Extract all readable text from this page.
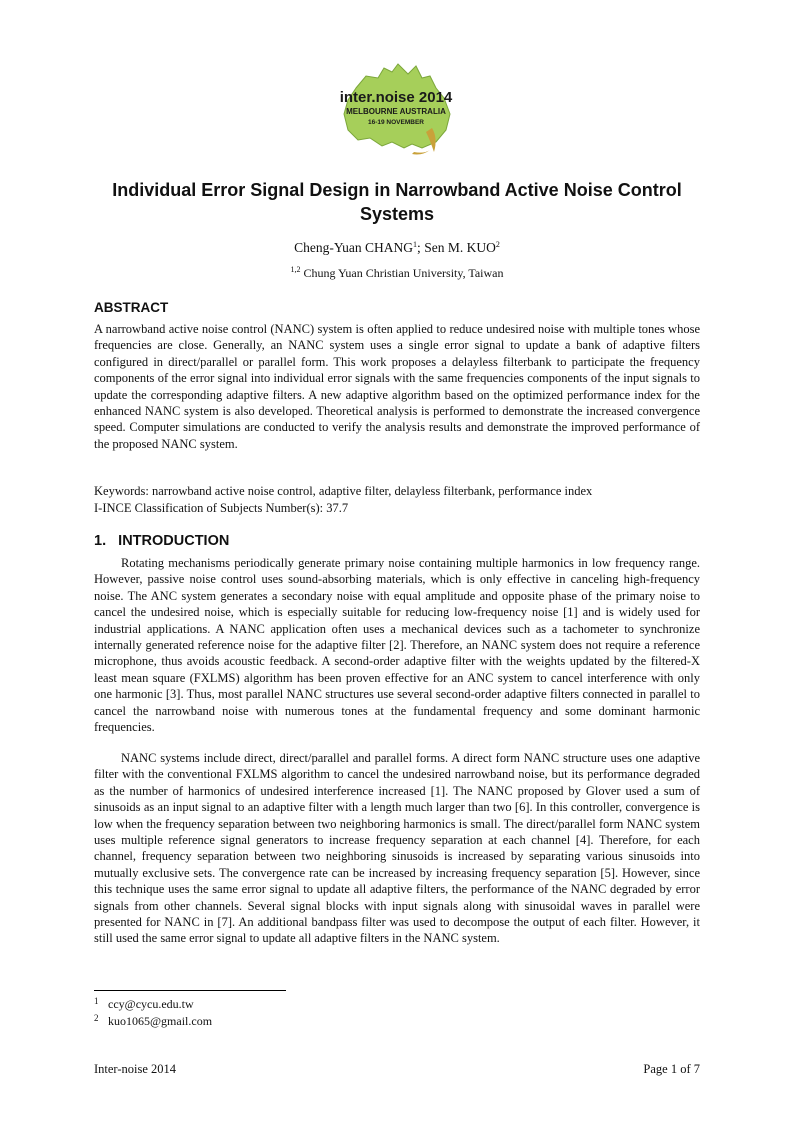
inter.noise 2014
MELBOURNE AUSTRALIA
16-19 NOVEMBER
Individual Error Signal Design in Narrowband Active Noise Control Systems
Cheng-Yuan CHANG$^1$; Sen M. KUO$^2$
$^{1,2}$ Chung Yuan Christian University, Taiwan
ABSTRACT

A narrowband active noise control (NANC) system is often applied to reduce undesired noise with multiple tones whose frequencies are close. Generally, an NANC system uses a single error signal to update a bank of adaptive filters configured in direct/parallel or parallel form. This work proposes a delayless filterbank to participate the frequency components of the error signal into individual error signals with the same frequencies components of the input signals to update the corresponding adaptive filters. A new adaptive algorithm based on the optimized performance index for the enhanced NANC system is also developed. Theoretical analysis is performed to demonstrate the increased convergence speed. Computer simulations are conducted to verify the analysis results and demonstrate the improved performance of the proposed NANC system.

Keywords: narrowband active noise control, adaptive filter, delayless filterbank, performance index

I-INCE Classification of Subjects Number(s): 37.7

1.   INTRODUCTION

Rotating mechanisms periodically generate primary noise containing multiple harmonics in low frequency range. However, passive noise control uses sound-absorbing materials, which is only effective in canceling high-frequency noise. The ANC system generates a secondary noise with equal amplitude and opposite phase of the primary noise to cancel the undesired noise, which is especially suitable for reducing low-frequency noise [1] and is widely used for industrial applications. A NANC application often uses a mechanical devices such as a tachometer to synchronize internally generated reference noise for the adaptive filter [2]. Therefore, an NANC system does not require a reference microphone, thus avoids acoustic feedback. A second-order adaptive filter with the weights updated by the filtered-X least mean square (FXLMS) algorithm has been proven effective for an ANC system to cancel interference with only one harmonic [3]. Thus, most parallel NANC structures use several second-order adaptive filters connected in parallel to cancel the narrowband noise with numerous tones at the fundamental frequency and some dominant harmonic frequencies.

NANC systems include direct, direct/parallel and parallel forms. A direct form NANC structure uses one adaptive filter with the conventional FXLMS algorithm to cancel the undesired narrowband noise, but its performance degraded as the number of harmonics of undesired interference increased [1]. The NANC proposed by Glover used a sum of sinusoids as an input signal to an adaptive filter with a length much larger than two [6]. In this controller, convergence is low when the frequency separation between two neighboring harmonics is small. The direct/parallel form NANC system uses multiple reference signal generators to increase frequency separation at each channel [4]. Therefore, for each channel, frequency separation between two neighboring sinusoids is increased by separating various sinusoids into mutually exclusive sets. The convergence rate can be increased by increasing frequency separation [5]. However, since this technique uses the same error signal to update all adaptive filters, the performance of the NANC degraded by error signals from other channels. Several signal blocks with input signals along with sinusoidal waves in parallel were presented for NANC in [7]. An additional bandpass filter was used to decompose the output of each filter. However, it still used the same error signal to update all adaptive filters in the NANC system.

1 ccy@cycu.edu.tw
2 kuo1065@gmail.com
Inter-noise 2014	Page 1 of 7
